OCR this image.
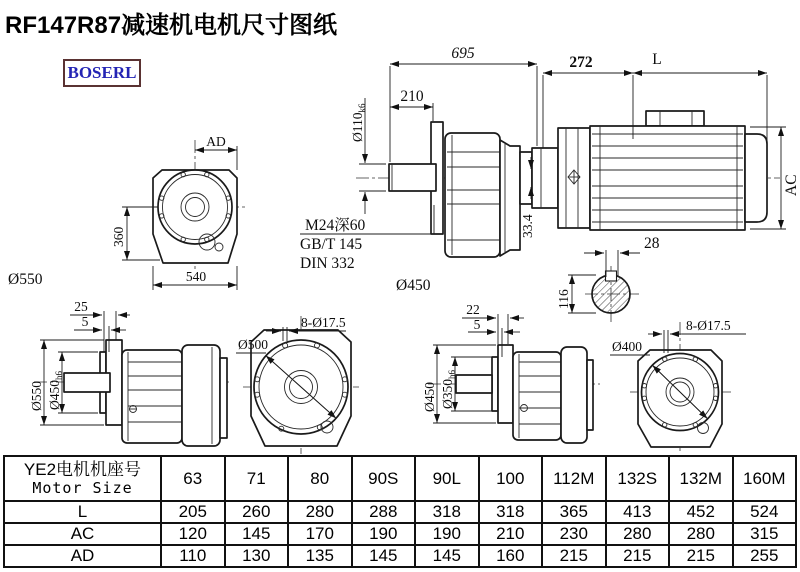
RF147R87减速机电机尺寸图纸
BOSERL
AD
360
540
Ø550
695
210
272	L
AC
$Ø110_{k6}$
M24深60
GB/T 145
DIN 332
33.4
Ø450
28
116
25
5
Ø550 $Ø450_{h6}$
Ø500
8-Ø17.5
22
5
Ø450 $Ø350_{h6}$
Ø400
8-Ø17.5
YE2电机机座号
Motor Size	63	71	80	90S	90L	100	112M	132S	132M	160M
L	205	260	280	288	318	318	365	413	452	524
AC	120	145	170	190	190	210	230	280	280	315
AD	110	130	135	145	145	160	215	215	215	255
